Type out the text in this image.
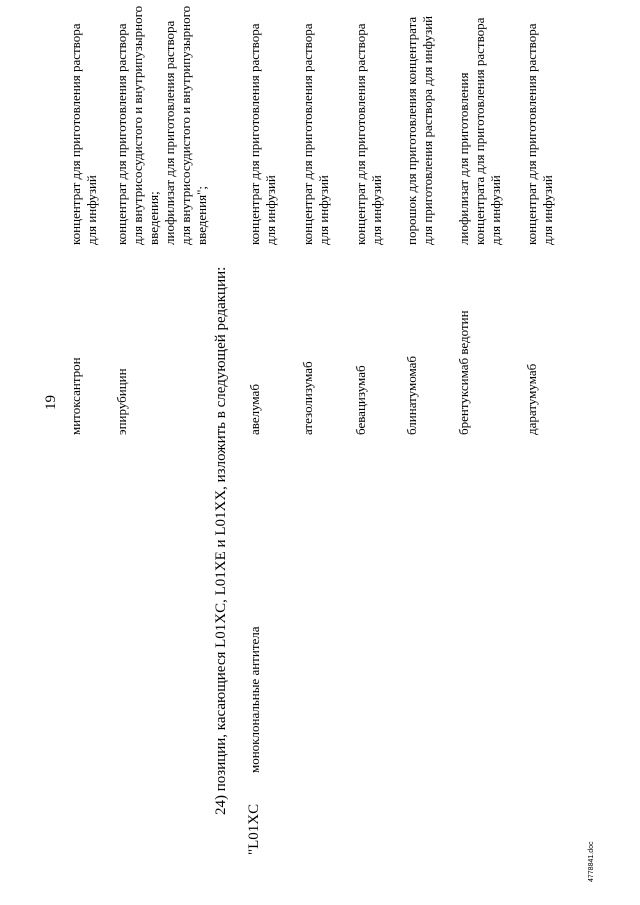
19 митоксантрон
концентрат для приготовления раствора для инфузий
эпирубицин
концентрат для приготовления раствора для внутрисосудистого и внутрипузырного введения; лиофилизат для приготовления раствора для внутрисосудистого и внутрипузырного введения";
24) позиции, касающиеся L01XC, L01XE и L01XX, изложить в следующей редакции:
"L01XC
моноклональные антитела
авелумаб
концентрат для приготовления раствора для инфузий
атезолизумаб
концентрат для приготовления раствора для инфузий
бевацизумаб
концентрат для приготовления раствора для инфузий
блинатумомаб
порошок для приготовления концентрата для приготовления раствора для инфузий
брентуксимаб ведотин
лиофилизат для приготовления концентрата для приготовления раствора для инфузий
даратумумаб
концентрат для приготовления раствора для инфузий
4778841.doc
